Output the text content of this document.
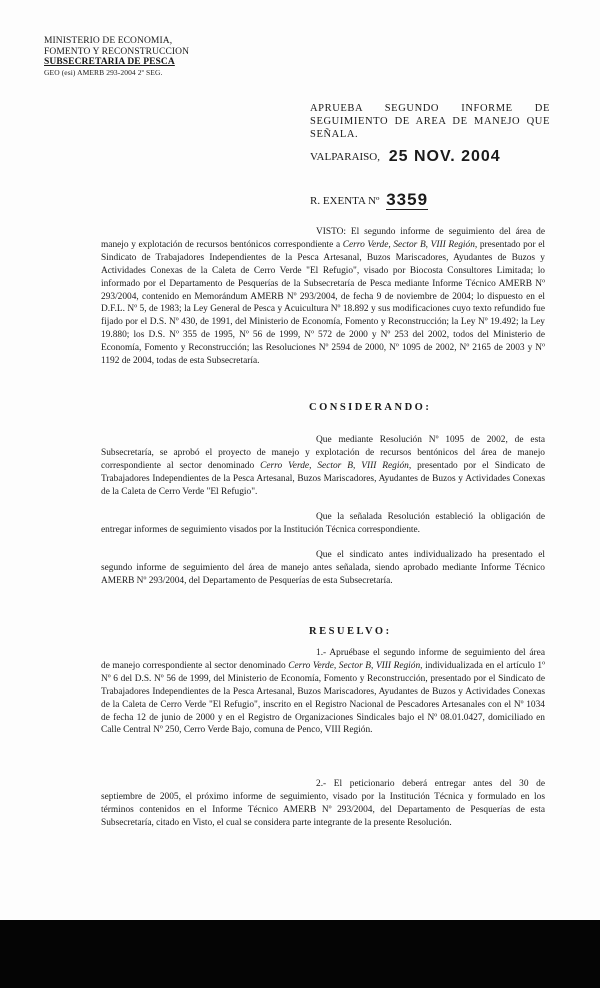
MINISTERIO DE ECONOMIA,
FOMENTO Y RECONSTRUCCION
SUBSECRETARIA DE PESCA
GEO (esi) AMERB 293-2004 2º SEG.
APRUEBA SEGUNDO INFORME DE SEGUIMIENTO DE AREA DE MANEJO QUE SEÑALA.
VALPARAISO, 25 NOV. 2004
R. EXENTA Nº 3359
VISTO: El segundo informe de seguimiento del área de manejo y explotación de recursos bentónicos correspondiente a Cerro Verde, Sector B, VIII Región, presentado por el Sindicato de Trabajadores Independientes de la Pesca Artesanal, Buzos Mariscadores, Ayudantes de Buzos y Actividades Conexas de la Caleta de Cerro Verde "El Refugio", visado por Biocosta Consultores Limitada; lo informado por el Departamento de Pesquerías de la Subsecretaría de Pesca mediante Informe Técnico AMERB Nº 293/2004, contenido en Memorándum AMERB Nº 293/2004, de fecha 9 de noviembre de 2004; lo dispuesto en el D.F.L. Nº 5, de 1983; la Ley General de Pesca y Acuicultura Nº 18.892 y sus modificaciones cuyo texto refundido fue fijado por el D.S. Nº 430, de 1991, del Ministerio de Economía, Fomento y Reconstrucción; la Ley Nº 19.492; la Ley 19.880; los D.S. Nº 355 de 1995, Nº 56 de 1999, Nº 572 de 2000 y Nº 253 del 2002, todos del Ministerio de Economía, Fomento y Reconstrucción; las Resoluciones Nº 2594 de 2000, Nº 1095 de 2002, Nº 2165 de 2003 y Nº 1192 de 2004, todas de esta Subsecretaría.
CONSIDERANDO:
Que mediante Resolución Nº 1095 de 2002, de esta Subsecretaría, se aprobó el proyecto de manejo y explotación de recursos bentónicos del área de manejo correspondiente al sector denominado Cerro Verde, Sector B, VIII Región, presentado por el Sindicato de Trabajadores Independientes de la Pesca Artesanal, Buzos Mariscadores, Ayudantes de Buzos y Actividades Conexas de la Caleta de Cerro Verde "El Refugio".
Que la señalada Resolución estableció la obligación de entregar informes de seguimiento visados por la Institución Técnica correspondiente.
Que el sindicato antes individualizado ha presentado el segundo informe de seguimiento del área de manejo antes señalada, siendo aprobado mediante Informe Técnico AMERB Nº 293/2004, del Departamento de Pesquerías de esta Subsecretaría.
RESUELVO:
1.- Apruébase el segundo informe de seguimiento del área de manejo correspondiente al sector denominado Cerro Verde, Sector B, VIII Región, individualizada en el artículo 1º Nº 6 del D.S. Nº 56 de 1999, del Ministerio de Economía, Fomento y Reconstrucción, presentado por el Sindicato de Trabajadores Independientes de la Pesca Artesanal, Buzos Mariscadores, Ayudantes de Buzos y Actividades Conexas de la Caleta de Cerro Verde "El Refugio", inscrito en el Registro Nacional de Pescadores Artesanales con el Nº 1034 de fecha 12 de junio de 2000 y en el Registro de Organizaciones Sindicales bajo el Nº 08.01.0427, domiciliado en Calle Central Nº 250, Cerro Verde Bajo, comuna de Penco, VIII Región.
2.- El peticionario deberá entregar antes del 30 de septiembre de 2005, el próximo informe de seguimiento, visado por la Institución Técnica y formulado en los términos contenidos en el Informe Técnico AMERB Nº 293/2004, del Departamento de Pesquerías de esta Subsecretaría, citado en Visto, el cual se considera parte integrante de la presente Resolución.
